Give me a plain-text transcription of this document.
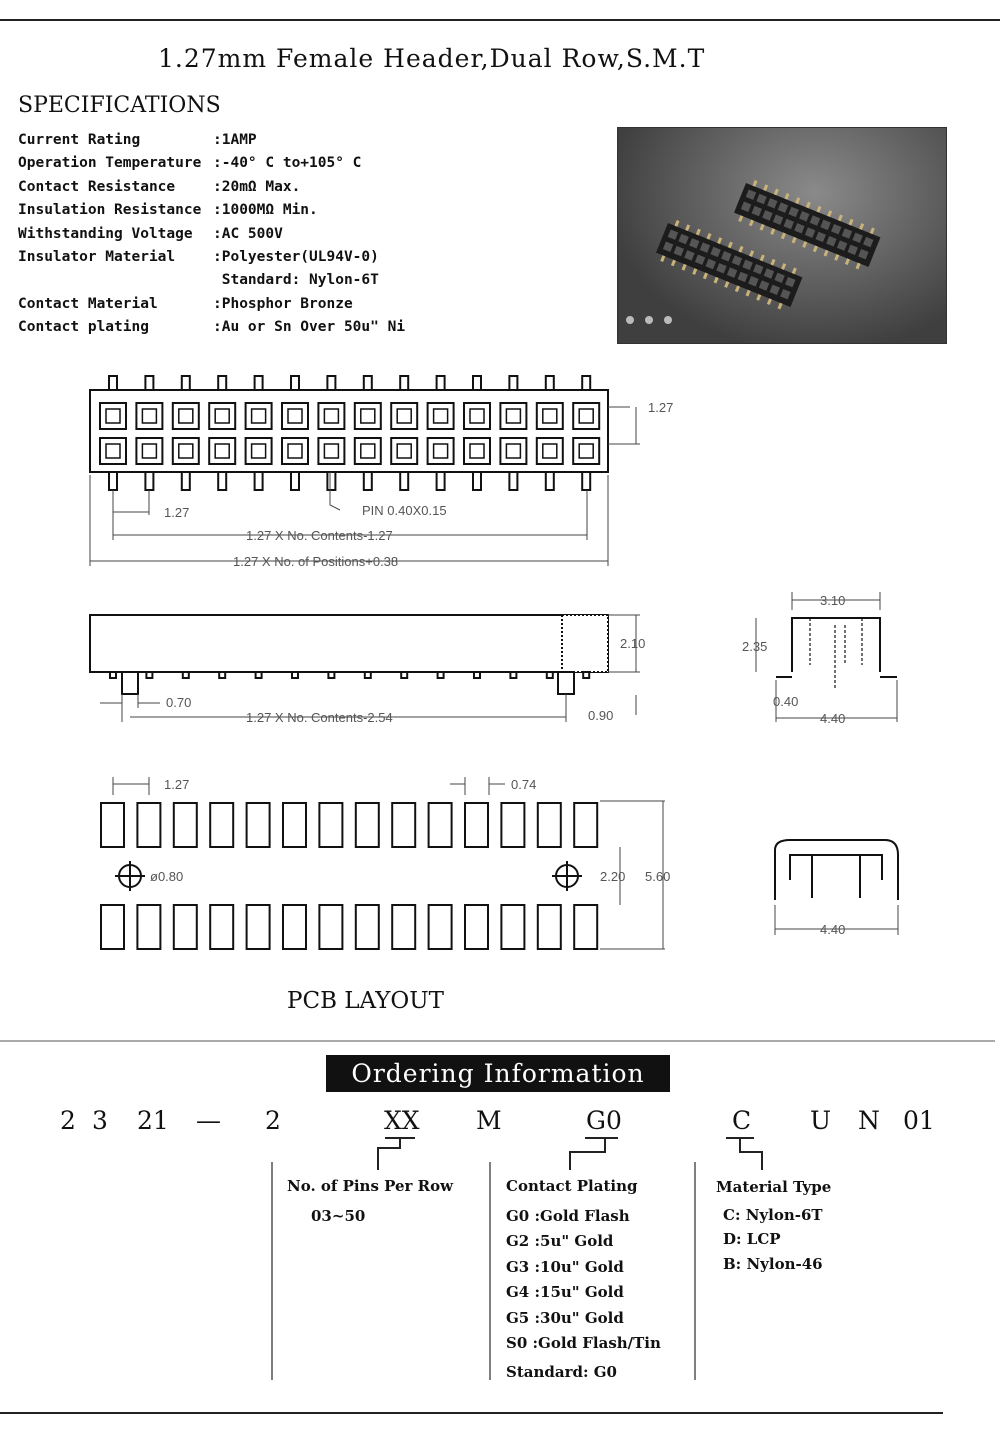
1.27mm Female Header,Dual Row,S.M.T
SPECIFICATIONS
Current Rating	:1AMP
Operation Temperature :-40° C to+105° C
Contact Resistance	:20mΩ Max.
Insulation Resistance :1000MΩ Min.
Withstanding Voltage :AC 500V
Insulator Material	:Polyester(UL94V-0)
Standard: Nylon-6T
Contact Material	:Phosphor Bronze
Contact plating	:Au or Sn Over 50u" Ni
1.27
1.27	PIN 0.40X0.15
1.27 X No. Contents-1.27
1.27 X No. of Positions+0.38
2.10
0.70
1.27 X No. Contents-2.54	0.90
3.10
2.35
0.40
4.40
1.27	0.74
ø0.80	2.20 5.60
4.40
PCB LAYOUT
Ordering Information
2 3 21 — 2	XX M	G0	C U N 01
No. of Pins Per Row
03~50
Contact Plating
G0 :Gold Flash
G2 :5u" Gold
G3 :10u" Gold
G4 :15u" Gold
G5 :30u" Gold
S0 :Gold Flash/Tin
Standard: G0
Material Type
C: Nylon-6T
D: LCP
B: Nylon-46
